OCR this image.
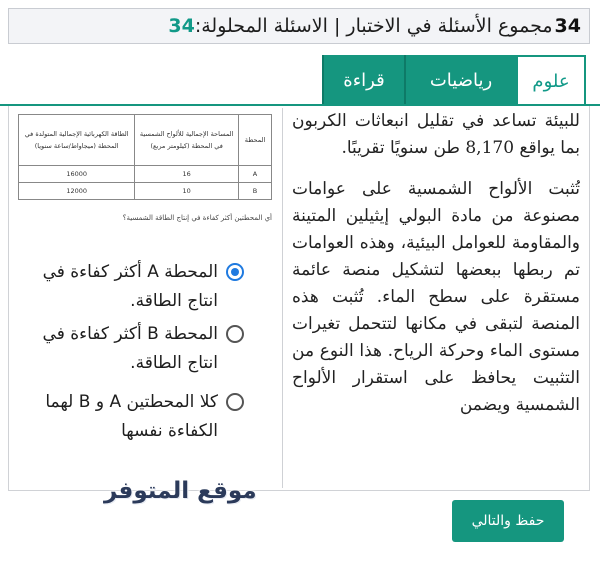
34
مجموع الأسئلة في الاختبار | الاسئلة المحلولة:
34
علوم
رياضيات
قراءة

للبيئة تساعد في تقليل انبعاثات الكربون بما يواقع 8,170 طن سنويًا تقريبًا.

تُثبت الألواح الشمسية على عوامات مصنوعة من مادة البولي إيثيلين المتينة والمقاومة للعوامل البيئية، وهذه العوامات تم ربطها ببعضها لتشكيل منصة عائمة مستقرة على سطح الماء. تُثبت هذه المنصة لتبقى في مكانها لتتحمل تغيرات مستوى الماء وحركة الرياح. هذا النوع من التثبيت يحافظ على استقرار الألواح الشمسية ويضمن

المحطة	المساحة الإجمالية للألواح الشمسية في المحطة (كيلومتر مربع)	الطاقة الكهربائية الإجمالية المتولدة في المحطة (ميجاواط/ساعة سنويا)
A	16	16000
B	10	12000
أي المحطتين أكثر كفاءة في إنتاج الطاقة الشمسية؟
المحطة A أكثر كفاءة في انتاج الطاقة.
المحطة B أكثر كفاءة في انتاج الطاقة.
كلا المحطتين A و B لهما الكفاءة نفسها
موقع المتوفر
حفظ والتالي
